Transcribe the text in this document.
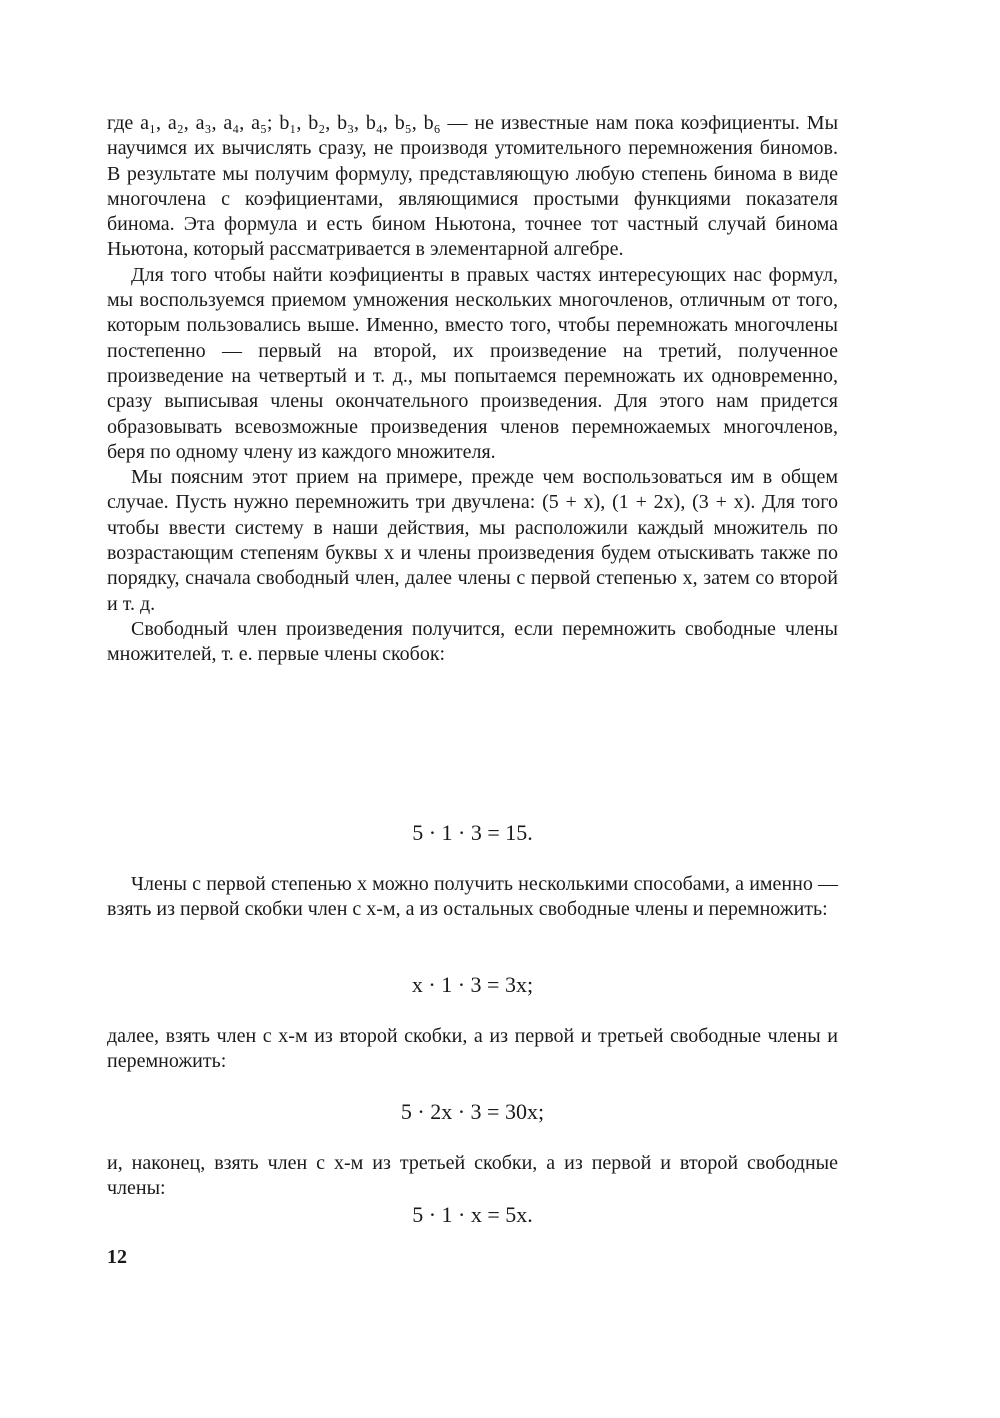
где a₁, a₂, a₃, a₄, a₅; b₁, b₂, b₃, b₄, b₅, b₆ — не известные нам пока коэфициенты. Мы научимся их вычислять сразу, не производя утомительного перемножения биномов. В результате мы получим формулу, представляющую любую степень бинома в виде многочлена с коэфициентами, являющимися простыми функциями показателя бинома. Эта формула и есть бином Ньютона, точнее тот частный случай бинома Ньютона, который рассматривается в элементарной алгебре.

Для того чтобы найти коэфициенты в правых частях интересующих нас формул, мы воспользуемся приемом умножения нескольких многочленов, отличным от того, которым пользовались выше. Именно, вместо того, чтобы перемножать многочлены постепенно — первый на второй, их произведение на третий, полученное произведение на четвертый и т. д., мы попытаемся перемножать их одновременно, сразу выписывая члены окончательного произведения. Для этого нам придется образовывать всевозможные произведения членов перемножаемых многочленов, беря по одному члену из каждого множителя.

Мы поясним этот прием на примере, прежде чем воспользоваться им в общем случае. Пусть нужно перемножить три двучлена: (5 + x), (1 + 2x), (3 + x). Для того чтобы ввести систему в наши действия, мы расположили каждый множитель по возрастающим степеням буквы x и члены произведения будем отыскивать также по порядку, сначала свободный член, далее члены с первой степенью x, затем со второй и т. д.

Свободный член произведения получится, если перемножить свободные члены множителей, т. е. первые члены скобок:

5 · 1 · 3 = 15.

Члены с первой степенью x можно получить несколькими способами, а именно — взять из первой скобки член с x-м, а из остальных свободные члены и перемножить:

x · 1 · 3 = 3x;

далее, взять член с x-м из второй скобки, а из первой и третьей свободные члены и перемножить:

5 · 2x · 3 = 30x;

и, наконец, взять член с x-м из третьей скобки, а из первой и второй свободные члены:

5 · 1 · x = 5x.
12
